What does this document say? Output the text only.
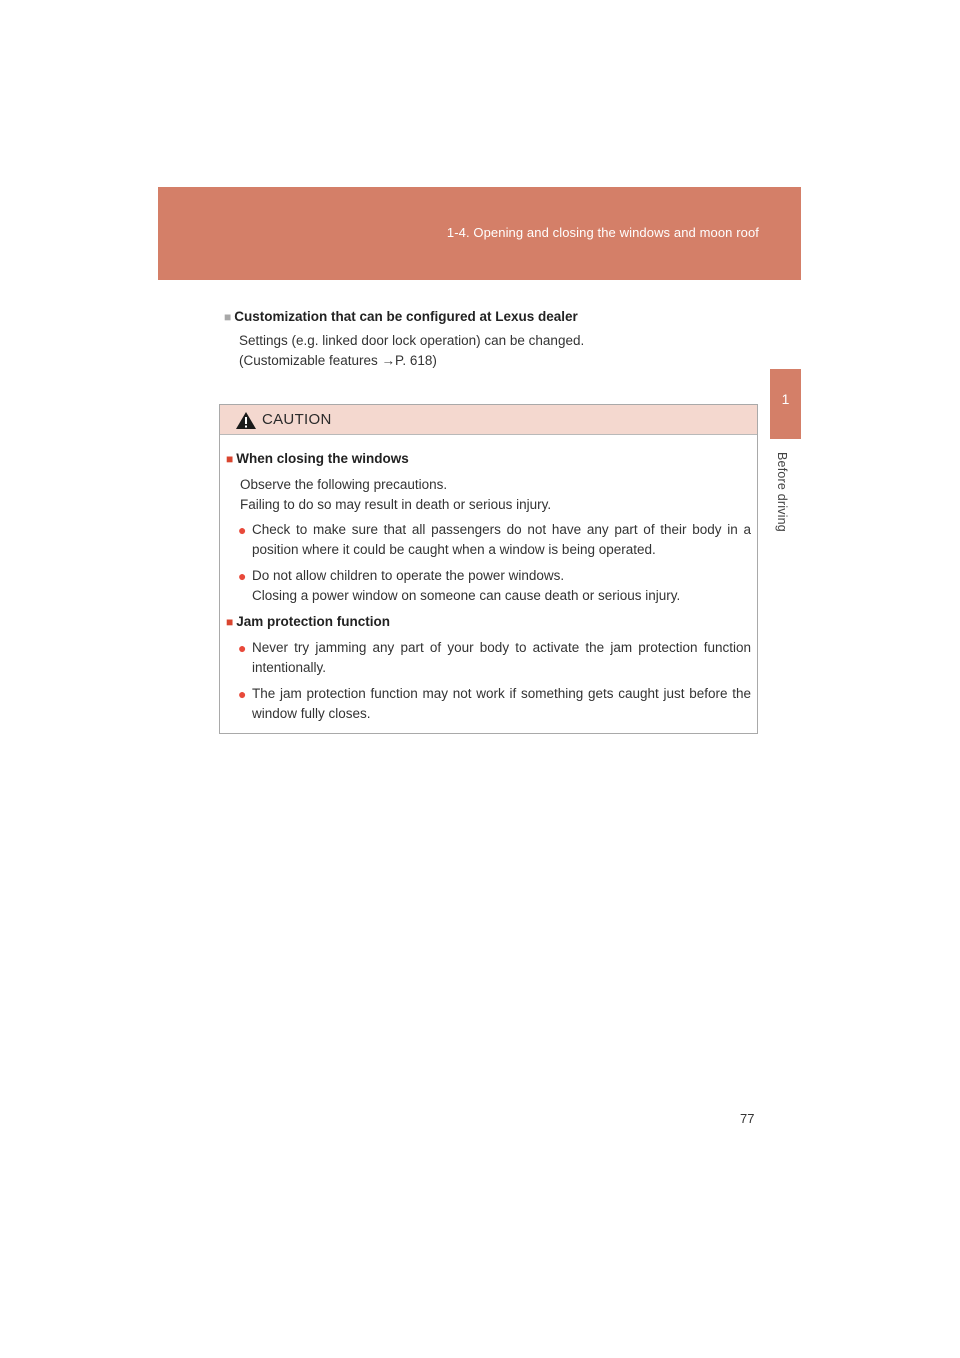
1-4. Opening and closing the windows and moon roof
1
Before driving
■ Customization that can be configured at Lexus dealer
Settings (e.g. linked door lock operation) can be changed.
(Customizable features →P. 618)
CAUTION
■ When closing the windows
Observe the following precautions.
Failing to do so may result in death or serious injury.
● Check to make sure that all passengers do not have any part of their body in a position where it could be caught when a window is being operated.
● Do not allow children to operate the power windows.
Closing a power window on someone can cause death or serious injury.
■ Jam protection function
● Never try jamming any part of your body to activate the jam protection function intentionally.
● The jam protection function may not work if something gets caught just before the window fully closes.
77
